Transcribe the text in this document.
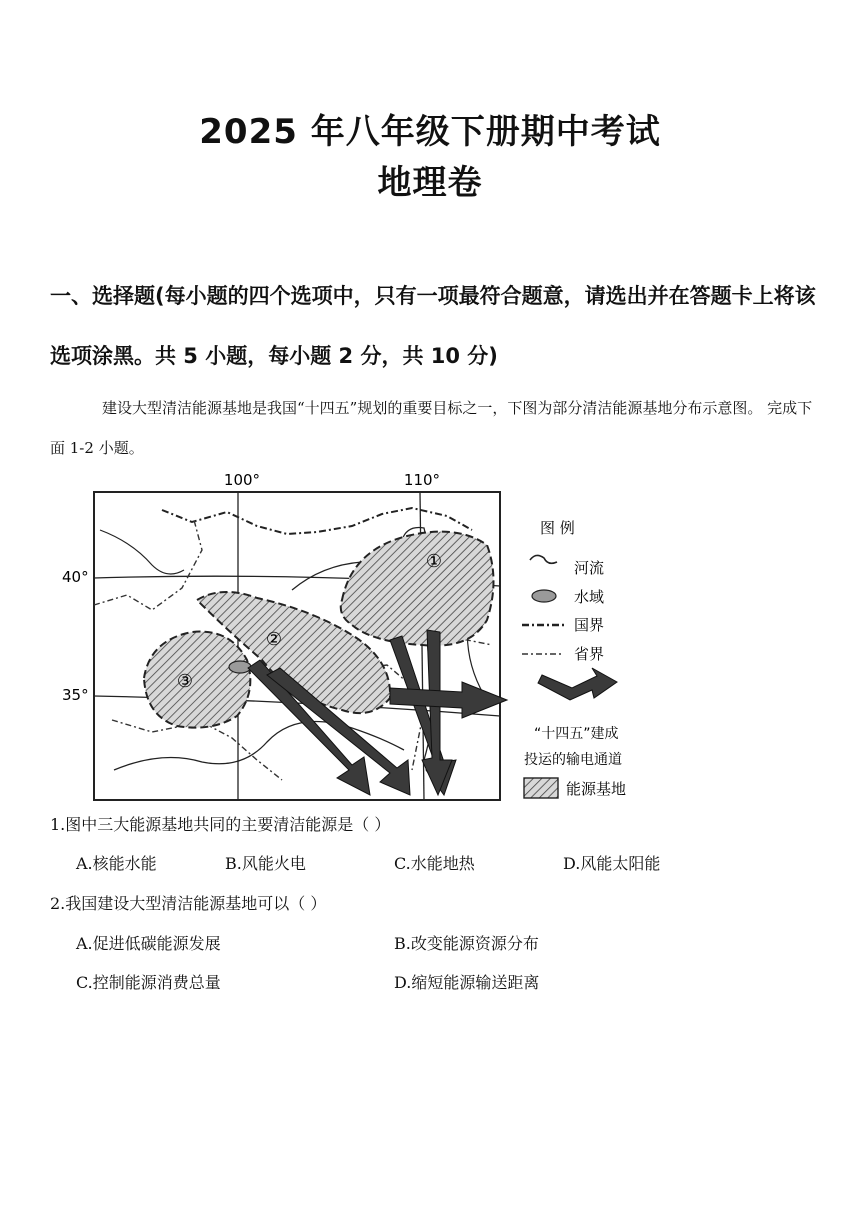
2025 年八年级下册期中考试
地理卷
一、选择题(每小题的四个选项中，只有一项最符合题意，请选出并在答题卡上将该选项涂黑。共 5 小题，每小题 2 分，共 10 分)
建设大型清洁能源基地是我国“十四五”规划的重要目标之一，下图为部分清洁能源基地分布示意图。 完成下面 1-2 小题。
①
②
③
100°	110°
40°
35°
图 例
河流
水域
国界
省界
“十四五”建成
投运的输电通道
能源基地
1.图中三大能源基地共同的主要清洁能源是（ ）
A.核能水能	B.风能火电	C.水能地热	D.风能太阳能
2.我国建设大型清洁能源基地可以（ ）
A.促进低碳能源发展	B.改变能源资源分布
C.控制能源消费总量	D.缩短能源输送距离
